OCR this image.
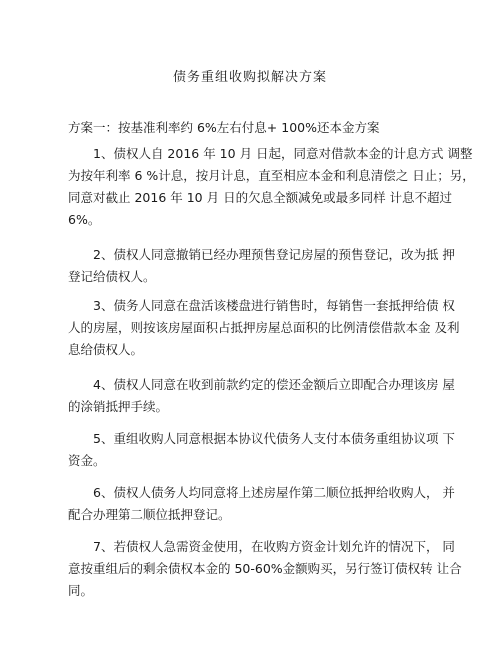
债务重组收购拟解决方案
方案一：按基准利率约 6%左右付息+ 100%还本金方案
1、债权人自 2016 年 10 月 日起，同意对借款本金的计息方式 调整
为按年利率 6 %计息，按月计息，直至相应本金和利息清偿之 日止；另，
同意对截止 2016 年 10 月 日的欠息全额减免或最多同样 计息不超过
6%。
2、债权人同意撤销已经办理预售登记房屋的预售登记，改为抵 押
登记给债权人。
3、债务人同意在盘活该楼盘进行销售时，每销售一套抵押给债 权
人的房屋，则按该房屋面积占抵押房屋总面积的比例清偿借款本金 及利
息给债权人。
4、债权人同意在收到前款约定的偿还金额后立即配合办理该房 屋
的涂销抵押手续。
5、重组收购人同意根据本协议代债务人支付本债务重组协议项 下
资金。
6、债权人债务人均同意将上述房屋作第二顺位抵押给收购人， 并
配合办理第二顺位抵押登记。
7、若债权人急需资金使用，在收购方资金计划允许的情况下， 同
意按重组后的剩余债权本金的 50-60%金额购买，另行签订债权转 让合
同。
